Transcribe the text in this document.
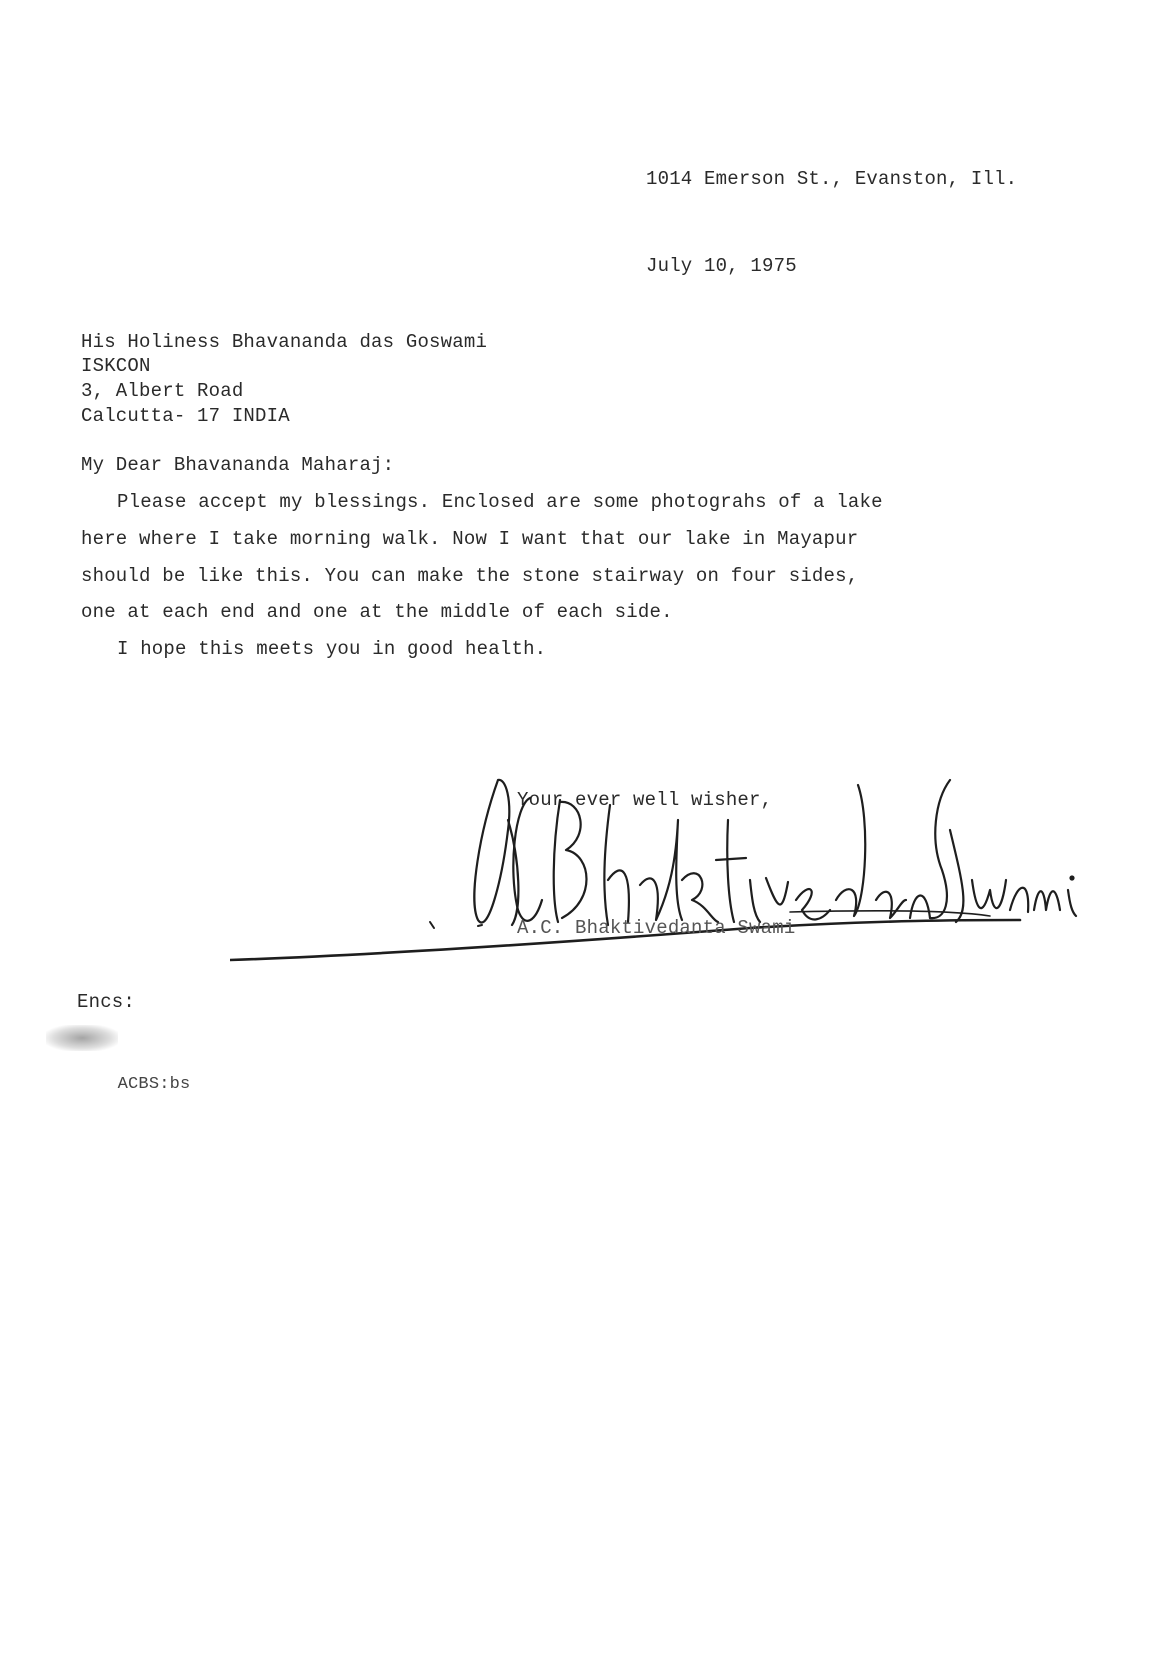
1014 Emerson St., Evanston, Ill.
July 10, 1975
His Holiness Bhavananda das Goswami
ISKCON
3, Albert Road
Calcutta- 17 INDIA
My Dear Bhavananda Maharaj:
Please accept my blessings. Enclosed are some photograhs of a lake
here where I take morning walk. Now I want that our lake in Mayapur
should be like this. You can make the stone stairway on four sides,
one at each end and one at the middle of each side.
I hope this meets you in good health.
Your ever well wisher,
A.C. Bhaktivedanta Swami
Encs:

ACBS:bs
